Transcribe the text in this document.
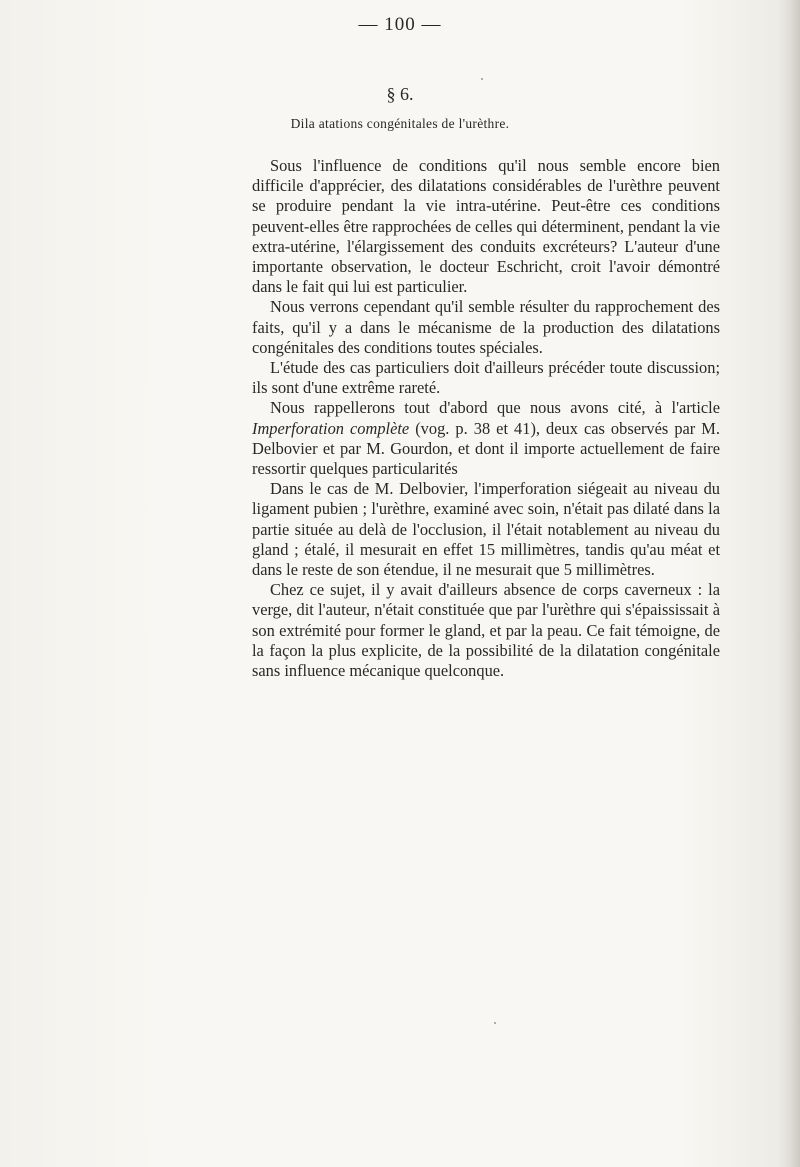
— 100 —
§ 6.
Dila atations congénitales de l'urèthre.

Sous l'influence de conditions qu'il nous semble encore bien difficile d'apprécier, des dilatations considérables de l'urèthre peuvent se produire pendant la vie intra-utérine. Peut-être ces conditions peuvent-elles être rapprochées de celles qui déterminent, pendant la vie extra-utérine, l'élargissement des conduits excréteurs? L'auteur d'une importante observation, le docteur Eschricht, croit l'avoir démontré dans le fait qui lui est particulier.

Nous verrons cependant qu'il semble résulter du rapprochement des faits, qu'il y a dans le mécanisme de la production des dilatations congénitales des conditions toutes spéciales.

L'étude des cas particuliers doit d'ailleurs précéder toute discussion; ils sont d'une extrême rareté.

Nous rappellerons tout d'abord que nous avons cité, à l'article Imperforation complète (vog. p. 38 et 41), deux cas observés par M. Delbovier et par M. Gourdon, et dont il importe actuellement de faire ressortir quelques particularités

Dans le cas de M. Delbovier, l'imperforation siégeait au niveau du ligament pubien ; l'urèthre, examiné avec soin, n'était pas dilaté dans la partie située au delà de l'occlusion, il l'était notablement au niveau du gland ; étalé, il mesurait en effet 15 millimètres, tandis qu'au méat et dans le reste de son étendue, il ne mesurait que 5 millimètres.

Chez ce sujet, il y avait d'ailleurs absence de corps caverneux : la verge, dit l'auteur, n'était constituée que par l'urèthre qui s'épaississait à son extrémité pour former le gland, et par la peau. Ce fait témoigne, de la façon la plus explicite, de la possibilité de la dilatation congénitale sans influence mécanique quelconque.
